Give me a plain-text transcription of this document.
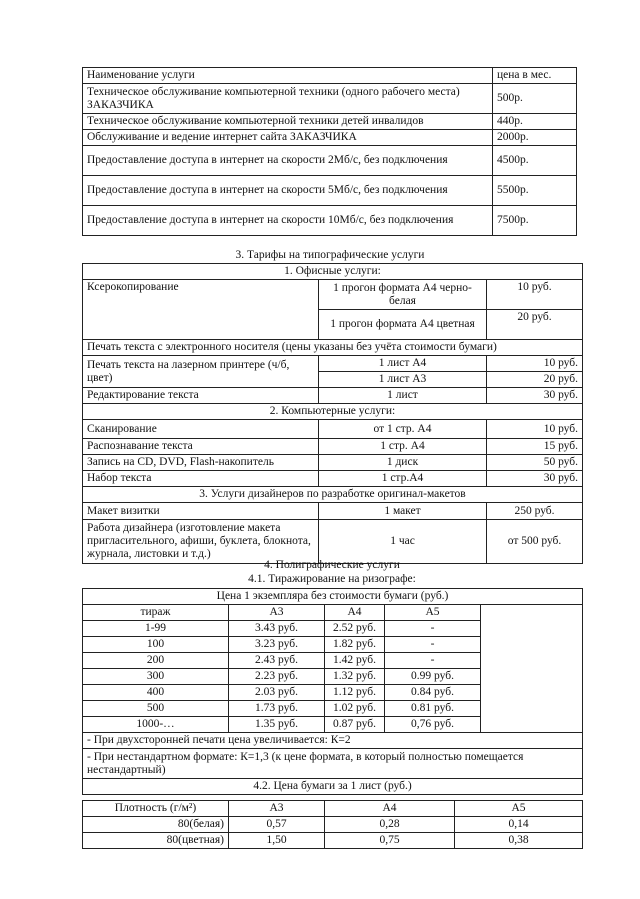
Наименование услуги	цена в мес.
Техническое обслуживание компьютерной техники (одного рабочего места) ЗАКАЗЧИКА	500р.
Техническое обслуживание компьютерной техники детей инвалидов	440р.
Обслуживание и ведение интернет сайта ЗАКАЗЧИКА	2000р.
Предоставление доступа в интернет на скорости 2Мб/с, без подключения	4500р.
Предоставление доступа в интернет на скорости 5Мб/с, без подключения	5500р.
Предоставление доступа в интернет на скорости 10Мб/с, без подключения	7500р.
3. Тарифы на типографические услуги
1. Офисные услуги:		
Ксерокопирование	1 прогон формата А4 черно-белая	10 руб.
	1 прогон формата А4 цветная	20 руб.
Печать текста с электронного носителя (цены указаны без учёта стоимости бумаги)		
Печать текста на лазерном принтере (ч/б, цвет)	1 лист А4	10 руб.
	1 лист А3	20 руб.
Редактирование текста	1 лист	30 руб.
2. Компьютерные услуги:		
Сканирование	от 1 стр. А4	10 руб.
Распознавание текста	1 стр. А4	15 руб.
Запись на CD, DVD, Flash-накопитель	1 диск	50 руб.
Набор текста	1 стр.А4	30 руб.
3. Услуги дизайнеров по разработке оригинал-макетов		
Макет визитки	1 макет	250 руб.
Работа дизайнера (изготовление макета пригласительного, афиши, буклета, блокнота, журнала, листовки и т.д.)	1 час	от 500 руб.
4. Полиграфические услуги
4.1. Тиражирование на ризографе:
Цена 1 экземпляра без стоимости бумаги (руб.)				
тираж	А3	А4	А5	
1-99	3.43 руб.	2.52 руб.	-	
100	3.23 руб.	1.82 руб.	-	
200	2.43 руб.	1.42 руб.	-	
300	2.23 руб.	1.32 руб.	0.99 руб.	
400	2.03 руб.	1.12 руб.	0.84 руб.	
500	1.73 руб.	1.02 руб.	0.81 руб.	
1000-…	1.35 руб.	0.87 руб.	0,76 руб.	
- При двухсторонней печати цена увеличивается: К=2				
- При нестандартном формате: К=1,3 (к цене формата, в который полностью помещается нестандартный)				
4.2. Цена бумаги за 1 лист (руб.)				
Плотность (г/м²)	А3	А4	А5
80(белая)	0,57	0,28	0,14
80(цветная)	1,50	0,75	0,38
